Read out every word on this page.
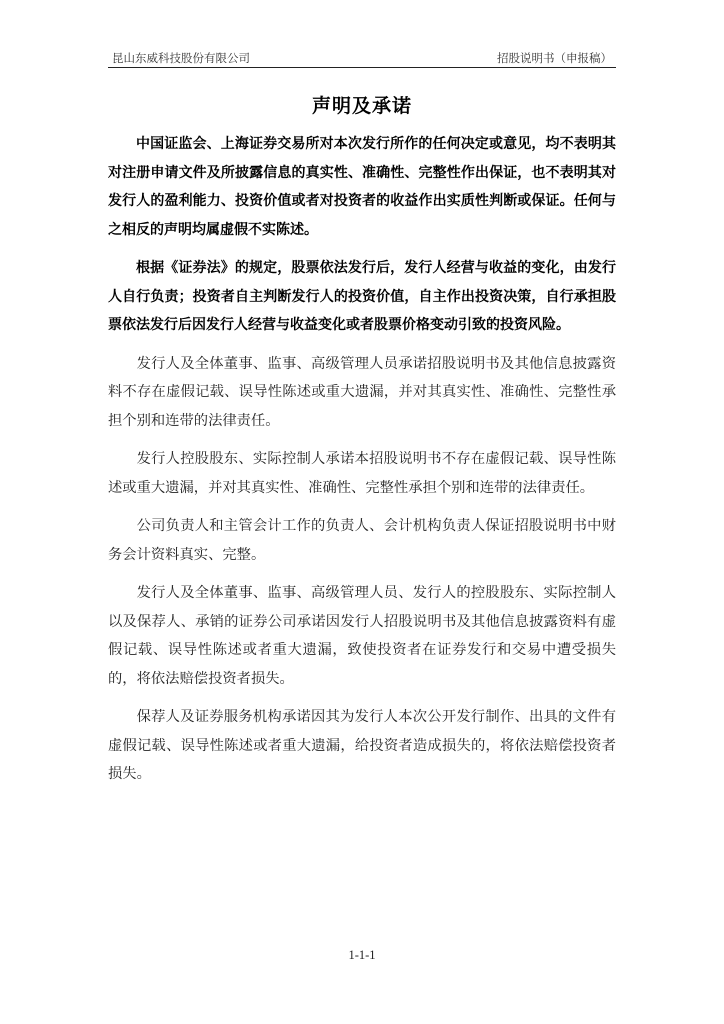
昆山东威科技股份有限公司	招股说明书（申报稿）
声明及承诺

中国证监会、上海证券交易所对本次发行所作的任何决定或意见，均不表明其对注册申请文件及所披露信息的真实性、准确性、完整性作出保证，也不表明其对发行人的盈利能力、投资价值或者对投资者的收益作出实质性判断或保证。任何与之相反的声明均属虚假不实陈述。

根据《证券法》的规定，股票依法发行后，发行人经营与收益的变化，由发行人自行负责；投资者自主判断发行人的投资价值，自主作出投资决策，自行承担股票依法发行后因发行人经营与收益变化或者股票价格变动引致的投资风险。

发行人及全体董事、监事、高级管理人员承诺招股说明书及其他信息披露资料不存在虚假记载、误导性陈述或重大遗漏，并对其真实性、准确性、完整性承担个别和连带的法律责任。

发行人控股股东、实际控制人承诺本招股说明书不存在虚假记载、误导性陈述或重大遗漏，并对其真实性、准确性、完整性承担个别和连带的法律责任。

公司负责人和主管会计工作的负责人、会计机构负责人保证招股说明书中财务会计资料真实、完整。

发行人及全体董事、监事、高级管理人员、发行人的控股股东、实际控制人以及保荐人、承销的证券公司承诺因发行人招股说明书及其他信息披露资料有虚假记载、误导性陈述或者重大遗漏，致使投资者在证券发行和交易中遭受损失的，将依法赔偿投资者损失。

保荐人及证券服务机构承诺因其为发行人本次公开发行制作、出具的文件有虚假记载、误导性陈述或者重大遗漏，给投资者造成损失的，将依法赔偿投资者损失。

1-1-1
